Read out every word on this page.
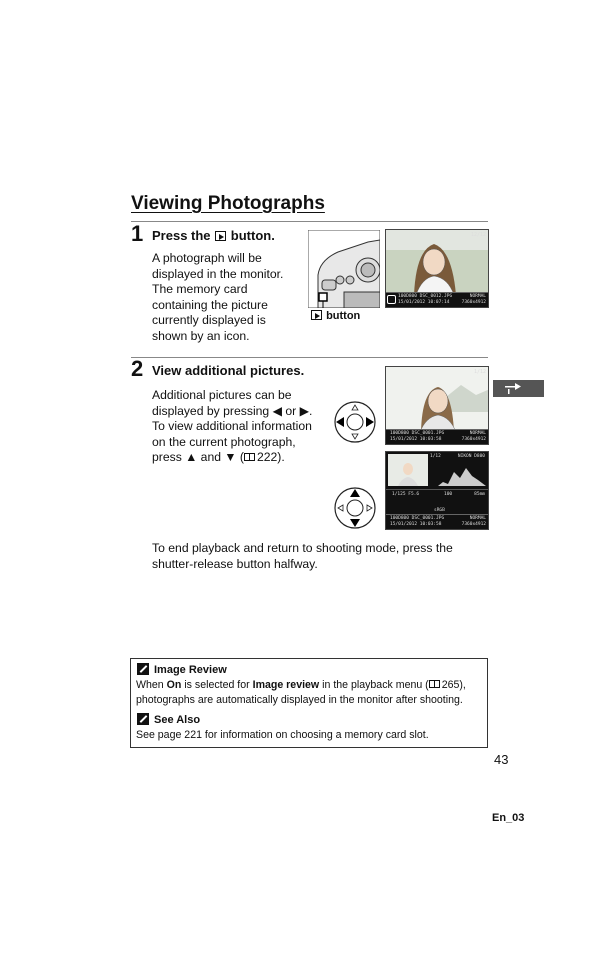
Viewing Photographs
1 Press the button.
A photograph will be
displayed in the monitor.
The memory card
containing the picture
currently displayed is
shown by an icon.
button
12/12
100D800 DSC_0012.JPG
15/01/2012 10:07:14
NORMAL
7360x4912
2 View additional pictures.
Additional pictures can be
displayed by pressing ◀ or ▶.
To view additional information
on the current photograph,
press ▲ and ▼ ( 222).
1/12
100D800 DSC_0001.JPG
15/01/2012 10:03:58
NORMAL
7360x4912
1/12	NIKON D800
1/125 F5.6	100	85mm
sRGB
100D800 DSC_0001.JPG
15/01/2012 10:03:58
NORMAL
7360x4912
To end playback and return to shooting mode, press the
shutter-release button halfway.
Image Review
When On is selected for Image review in the playback menu ( 265),
photographs are automatically displayed in the monitor after shooting.
See Also
See page 221 for information on choosing a memory card slot.
43
En_03
